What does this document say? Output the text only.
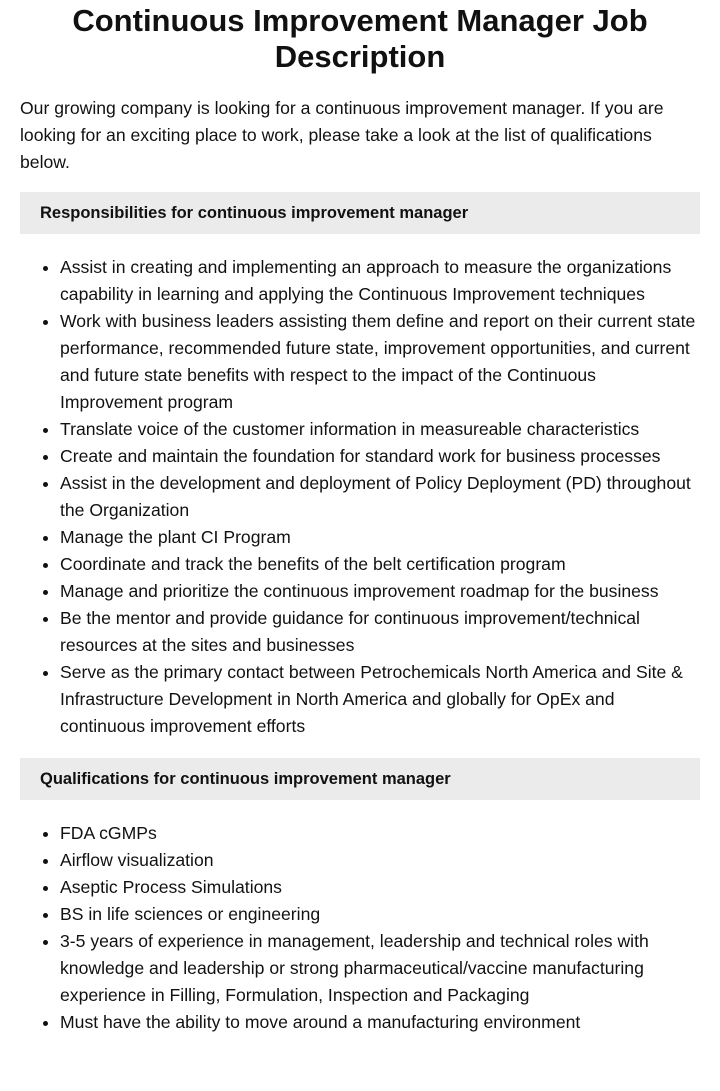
Continuous Improvement Manager Job Description

Our growing company is looking for a continuous improvement manager. If you are looking for an exciting place to work, please take a look at the list of qualifications below.

Responsibilities for continuous improvement manager
• Assist in creating and implementing an approach to measure the organizations capability in learning and applying the Continuous Improvement techniques
• Work with business leaders assisting them define and report on their current state performance, recommended future state, improvement opportunities, and current and future state benefits with respect to the impact of the Continuous Improvement program
• Translate voice of the customer information in measureable characteristics
• Create and maintain the foundation for standard work for business processes
• Assist in the development and deployment of Policy Deployment (PD) throughout the Organization
• Manage the plant CI Program
• Coordinate and track the benefits of the belt certification program
• Manage and prioritize the continuous improvement roadmap for the business
• Be the mentor and provide guidance for continuous improvement/technical resources at the sites and businesses
• Serve as the primary contact between Petrochemicals North America and Site & Infrastructure Development in North America and globally for OpEx and continuous improvement efforts
Qualifications for continuous improvement manager
• FDA cGMPs
• Airflow visualization
• Aseptic Process Simulations
• BS in life sciences or engineering
• 3-5 years of experience in management, leadership and technical roles with knowledge and leadership or strong pharmaceutical/vaccine manufacturing experience in Filling, Formulation, Inspection and Packaging
• Must have the ability to move around a manufacturing environment
